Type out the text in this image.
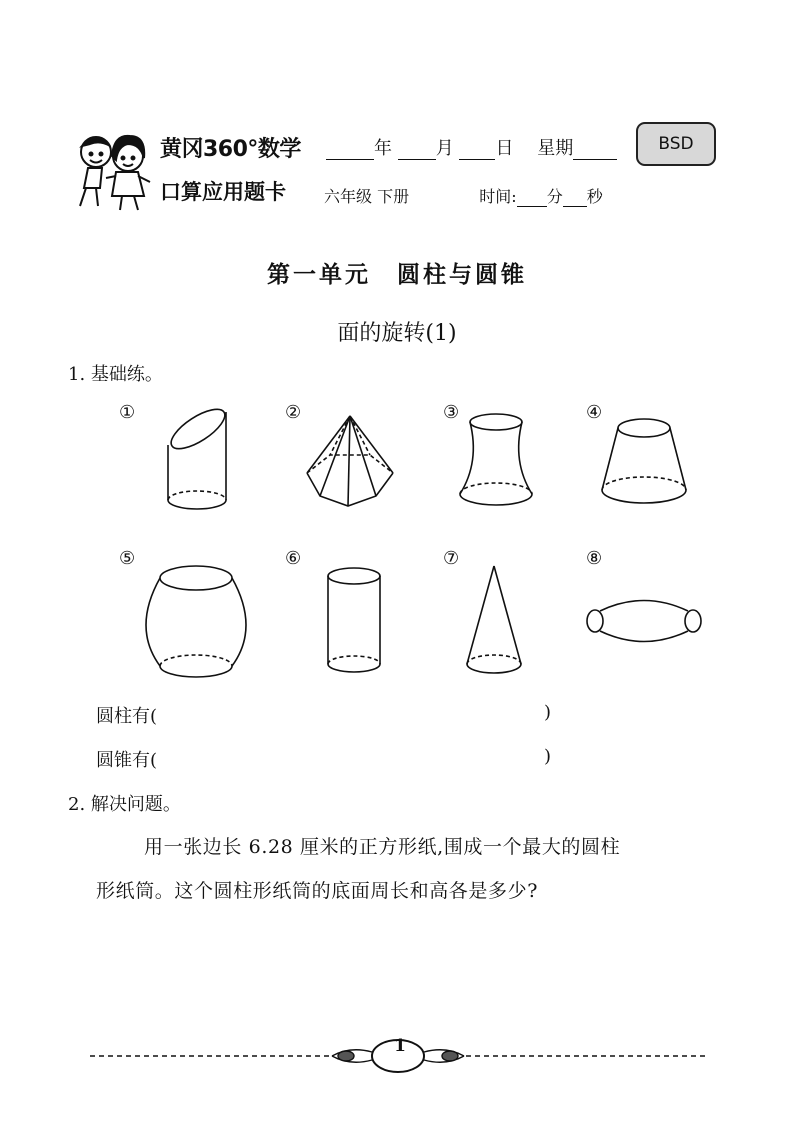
黄冈360°数学
口算应用题卡
年 月 日 星期	BSD
六年级 下册	时间: 分 秒
第一单元　圆柱与圆锥
面的旋转(1)
1. 基础练。
①	②	③	④
⑤	⑥	⑦	⑧
圆柱有(	)
圆锥有(	)
2. 解决问题。
用一张边长 6.28 厘米的正方形纸,围成一个最大的圆柱
形纸筒。这个圆柱形纸筒的底面周长和高各是多少?
1
